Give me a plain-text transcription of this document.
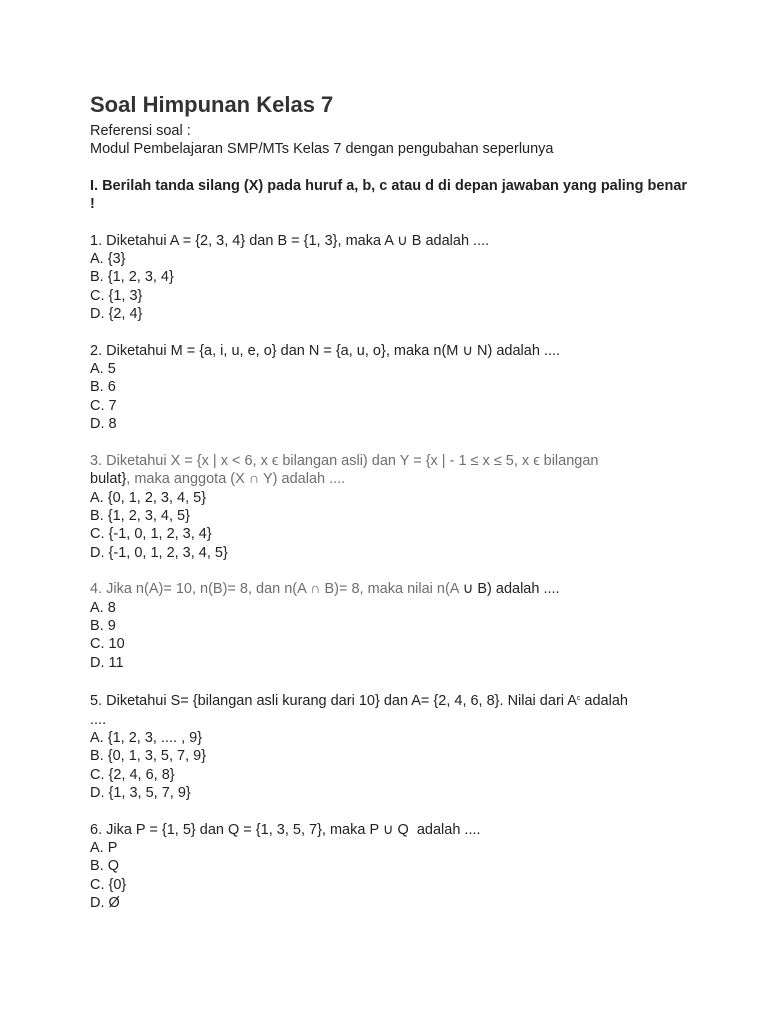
Soal Himpunan Kelas 7
Referensi soal :
Modul Pembelajaran SMP/MTs Kelas 7 dengan pengubahan seperlunya
I. Berilah tanda silang (X) pada huruf a, b, c atau d di depan jawaban yang paling benar !
1. Diketahui A = {2, 3, 4} dan B = {1, 3}, maka A ∪ B adalah ....
A. {3}
B. {1, 2, 3, 4}
C. {1, 3}
D. {2, 4}
2. Diketahui M = {a, i, u, e, o} dan N = {a, u, o}, maka n(M ∪ N) adalah ....
A. 5
B. 6
C. 7
D. 8
3. Diketahui X = {x | x < 6, x ϵ bilangan asli) dan Y = {x | - 1 ≤ x ≤ 5, x ϵ bilangan
bulat}, maka anggota (X ∩ Y) adalah ....
A. {0, 1, 2, 3, 4, 5}
B. {1, 2, 3, 4, 5}
C. {-1, 0, 1, 2, 3, 4}
D. {-1, 0, 1, 2, 3, 4, 5}
4. Jika n(A)= 10, n(B)= 8, dan n(A ∩ B)= 8, maka nilai n(A ∪ B) adalah ....
A. 8
B. 9
C. 10
D. 11
5. Diketahui S= {bilangan asli kurang dari 10} dan A= {2, 4, 6, 8}. Nilai dari $A^c$ adalah
....
A. {1, 2, 3, .... , 9}
B. {0, 1, 3, 5, 7, 9}
C. {2, 4, 6, 8}
D. {1, 3, 5, 7, 9}
6. Jika P = {1, 5} dan Q = {1, 3, 5, 7}, maka P ∪ Q  adalah ....
A. P
B. Q
C. {0}
D. Ø
